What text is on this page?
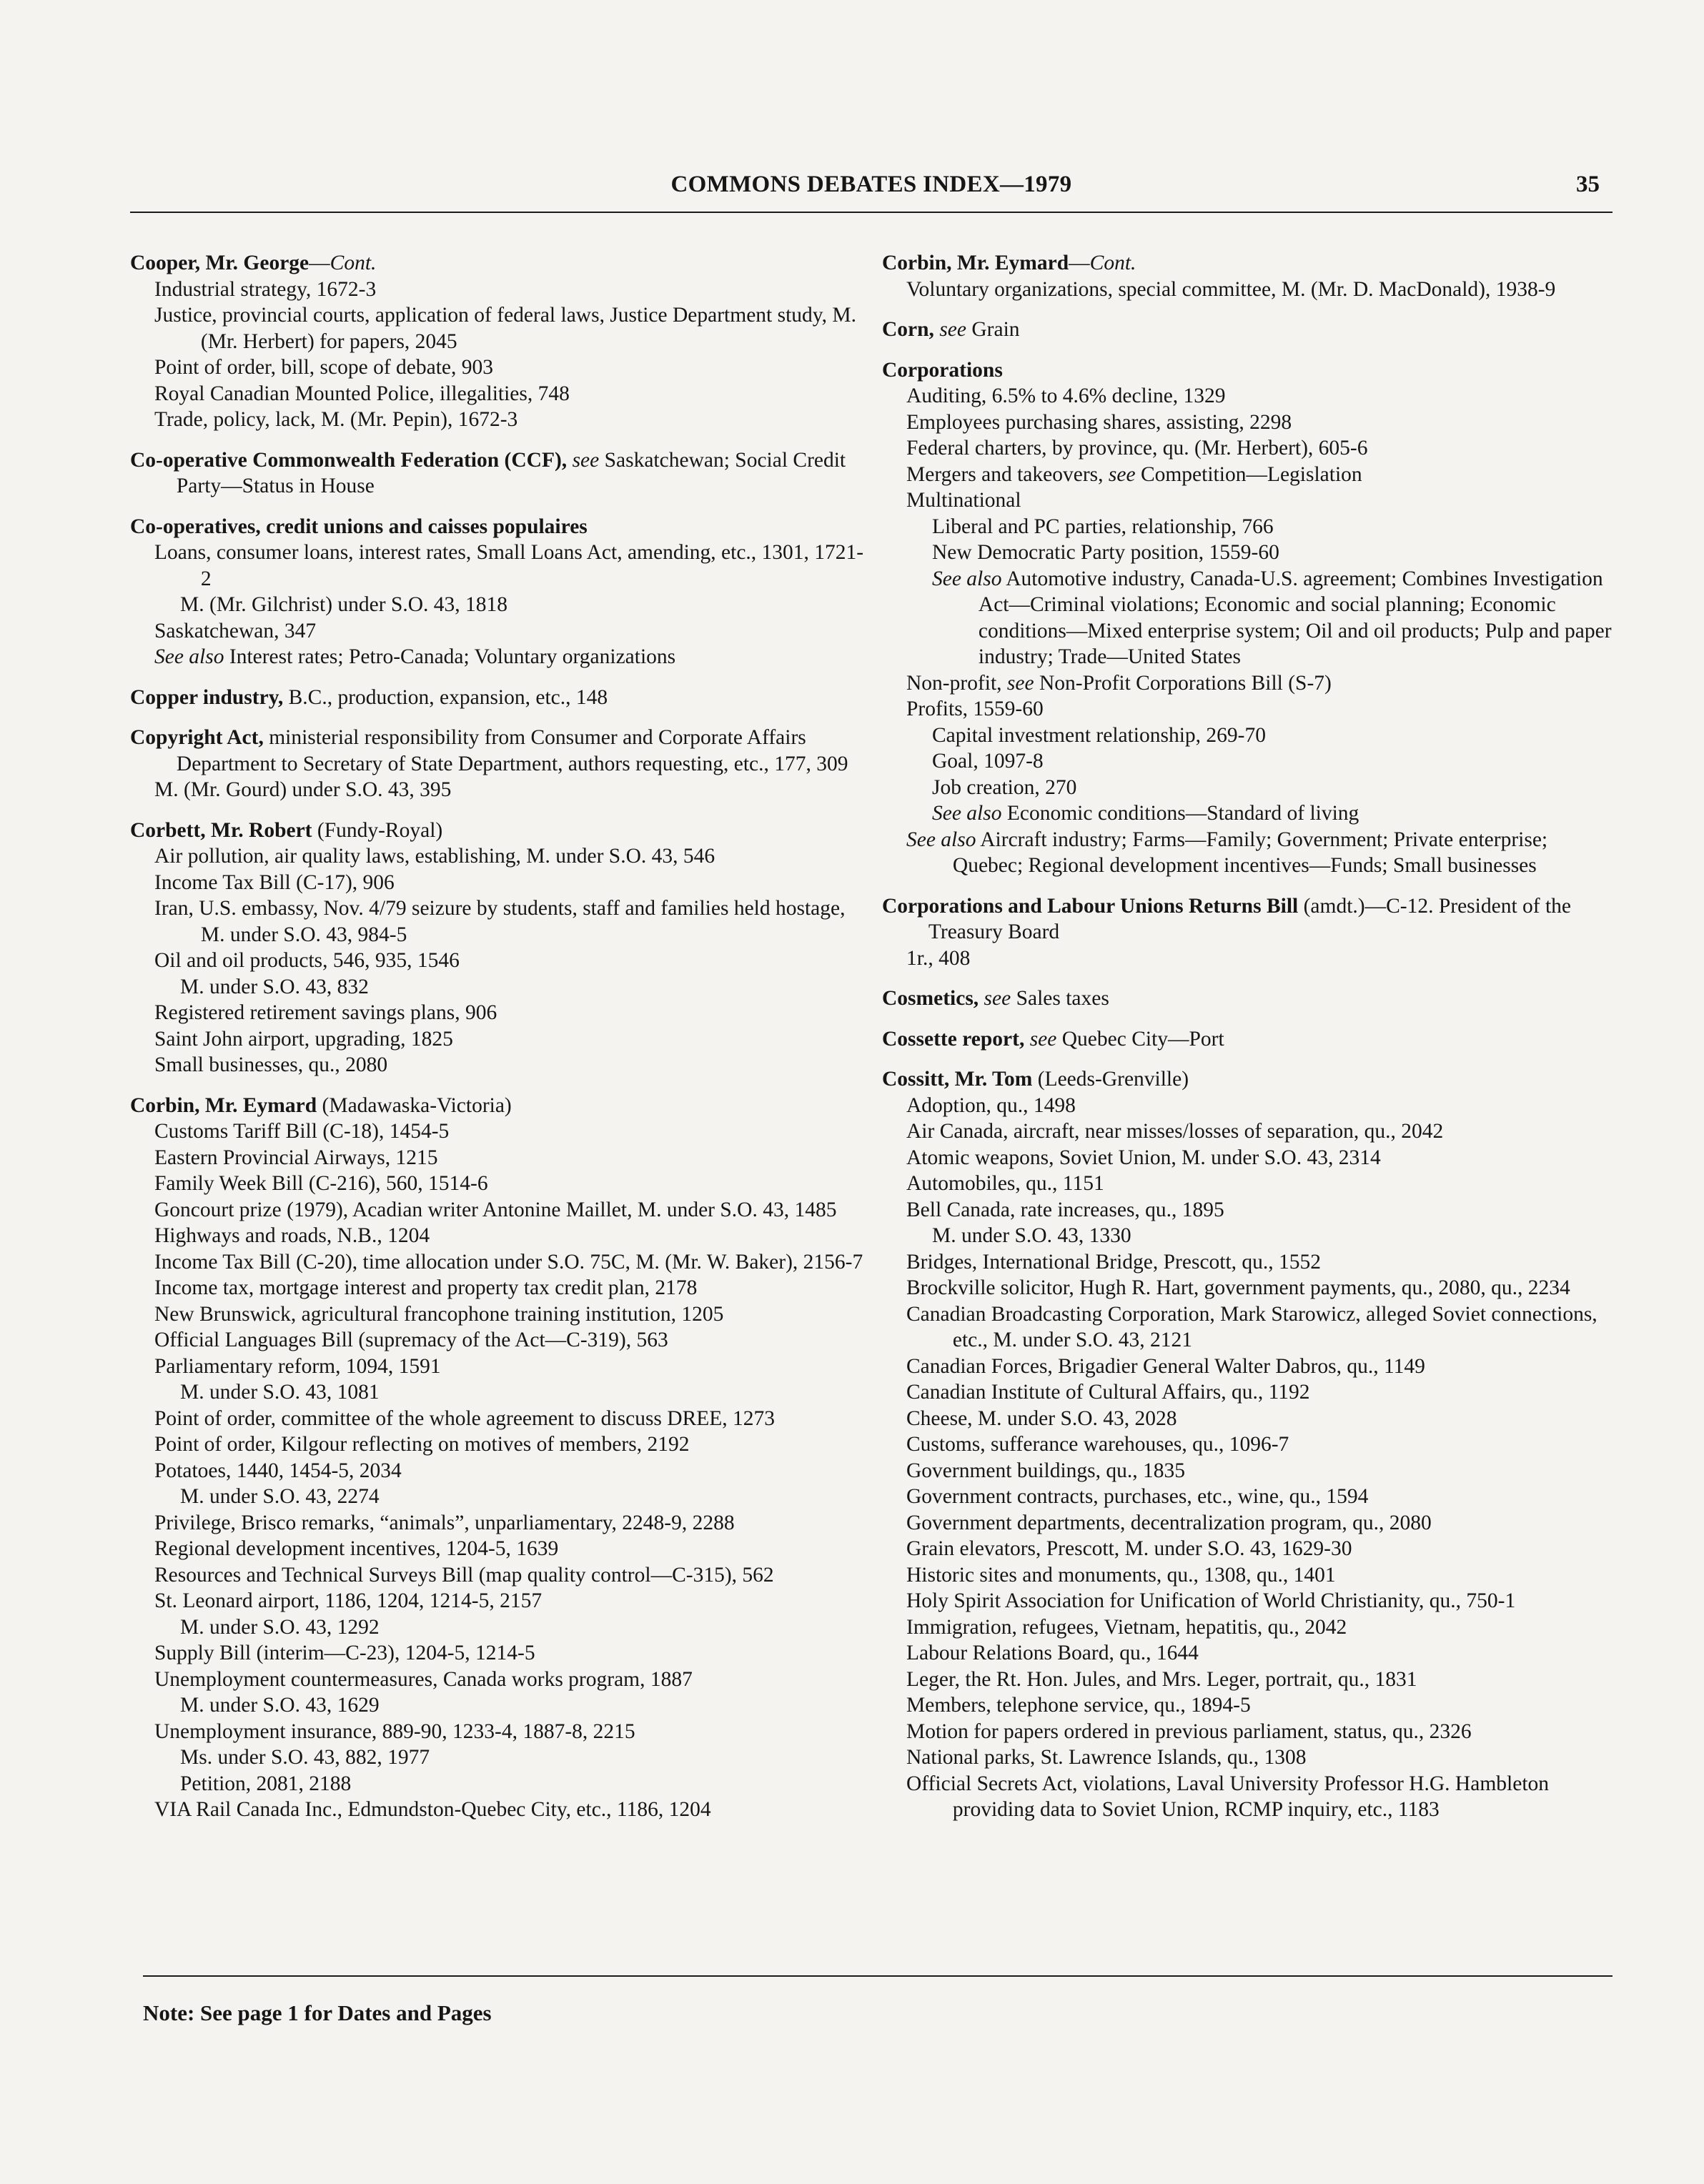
COMMONS DEBATES INDEX—1979	35
Cooper, Mr. George—Cont.
Industrial strategy, 1672-3
Justice, provincial courts, application of federal laws, Justice Department study, M. (Mr. Herbert) for papers, 2045
Point of order, bill, scope of debate, 903
Royal Canadian Mounted Police, illegalities, 748
Trade, policy, lack, M. (Mr. Pepin), 1672-3
Co-operative Commonwealth Federation (CCF), see Saskatchewan; Social Credit Party—Status in House
Co-operatives, credit unions and caisses populaires
Loans, consumer loans, interest rates, Small Loans Act, amending, etc., 1301, 1721-2
M. (Mr. Gilchrist) under S.O. 43, 1818
Saskatchewan, 347
See also Interest rates; Petro-Canada; Voluntary organizations
Copper industry, B.C., production, expansion, etc., 148
Copyright Act, ministerial responsibility from Consumer and Corporate Affairs Department to Secretary of State Department, authors requesting, etc., 177, 309
M. (Mr. Gourd) under S.O. 43, 395
Corbett, Mr. Robert (Fundy-Royal)
Air pollution, air quality laws, establishing, M. under S.O. 43, 546
Income Tax Bill (C-17), 906
Iran, U.S. embassy, Nov. 4/79 seizure by students, staff and families held hostage, M. under S.O. 43, 984-5
Oil and oil products, 546, 935, 1546
M. under S.O. 43, 832
Registered retirement savings plans, 906
Saint John airport, upgrading, 1825
Small businesses, qu., 2080
Corbin, Mr. Eymard (Madawaska-Victoria)
Customs Tariff Bill (C-18), 1454-5
Eastern Provincial Airways, 1215
Family Week Bill (C-216), 560, 1514-6
Goncourt prize (1979), Acadian writer Antonine Maillet, M. under S.O. 43, 1485
Highways and roads, N.B., 1204
Income Tax Bill (C-20), time allocation under S.O. 75C, M. (Mr. W. Baker), 2156-7
Income tax, mortgage interest and property tax credit plan, 2178
New Brunswick, agricultural francophone training institution, 1205
Official Languages Bill (supremacy of the Act—C-319), 563
Parliamentary reform, 1094, 1591
M. under S.O. 43, 1081
Point of order, committee of the whole agreement to discuss DREE, 1273
Point of order, Kilgour reflecting on motives of members, 2192
Potatoes, 1440, 1454-5, 2034
M. under S.O. 43, 2274
Privilege, Brisco remarks, “animals”, unparliamentary, 2248-9, 2288
Regional development incentives, 1204-5, 1639
Resources and Technical Surveys Bill (map quality control—C-315), 562
St. Leonard airport, 1186, 1204, 1214-5, 2157
M. under S.O. 43, 1292
Supply Bill (interim—C-23), 1204-5, 1214-5
Unemployment countermeasures, Canada works program, 1887
M. under S.O. 43, 1629
Unemployment insurance, 889-90, 1233-4, 1887-8, 2215
Ms. under S.O. 43, 882, 1977
Petition, 2081, 2188
VIA Rail Canada Inc., Edmundston-Quebec City, etc., 1186, 1204
Corbin, Mr. Eymard—Cont.
Voluntary organizations, special committee, M. (Mr. D. MacDonald), 1938-9
Corn, see Grain
Corporations
Auditing, 6.5% to 4.6% decline, 1329
Employees purchasing shares, assisting, 2298
Federal charters, by province, qu. (Mr. Herbert), 605-6
Mergers and takeovers, see Competition—Legislation
Multinational
Liberal and PC parties, relationship, 766
New Democratic Party position, 1559-60
See also Automotive industry, Canada-U.S. agreement; Combines Investigation Act—Criminal violations; Economic and social planning; Economic conditions—Mixed enterprise system; Oil and oil products; Pulp and paper industry; Trade—United States
Non-profit, see Non-Profit Corporations Bill (S-7)
Profits, 1559-60
Capital investment relationship, 269-70
Goal, 1097-8
Job creation, 270
See also Economic conditions—Standard of living
See also Aircraft industry; Farms—Family; Government; Private enterprise; Quebec; Regional development incentives—Funds; Small businesses
Corporations and Labour Unions Returns Bill (amdt.)—C-12. President of the Treasury Board
1r., 408
Cosmetics, see Sales taxes
Cossette report, see Quebec City—Port
Cossitt, Mr. Tom (Leeds-Grenville)
Adoption, qu., 1498
Air Canada, aircraft, near misses/losses of separation, qu., 2042
Atomic weapons, Soviet Union, M. under S.O. 43, 2314
Automobiles, qu., 1151
Bell Canada, rate increases, qu., 1895
M. under S.O. 43, 1330
Bridges, International Bridge, Prescott, qu., 1552
Brockville solicitor, Hugh R. Hart, government payments, qu., 2080, qu., 2234
Canadian Broadcasting Corporation, Mark Starowicz, alleged Soviet connections, etc., M. under S.O. 43, 2121
Canadian Forces, Brigadier General Walter Dabros, qu., 1149
Canadian Institute of Cultural Affairs, qu., 1192
Cheese, M. under S.O. 43, 2028
Customs, sufferance warehouses, qu., 1096-7
Government buildings, qu., 1835
Government contracts, purchases, etc., wine, qu., 1594
Government departments, decentralization program, qu., 2080
Grain elevators, Prescott, M. under S.O. 43, 1629-30
Historic sites and monuments, qu., 1308, qu., 1401
Holy Spirit Association for Unification of World Christianity, qu., 750-1
Immigration, refugees, Vietnam, hepatitis, qu., 2042
Labour Relations Board, qu., 1644
Leger, the Rt. Hon. Jules, and Mrs. Leger, portrait, qu., 1831
Members, telephone service, qu., 1894-5
Motion for papers ordered in previous parliament, status, qu., 2326
National parks, St. Lawrence Islands, qu., 1308
Official Secrets Act, violations, Laval University Professor H.G. Hambleton providing data to Soviet Union, RCMP inquiry, etc., 1183
Note: See page 1 for Dates and Pages
